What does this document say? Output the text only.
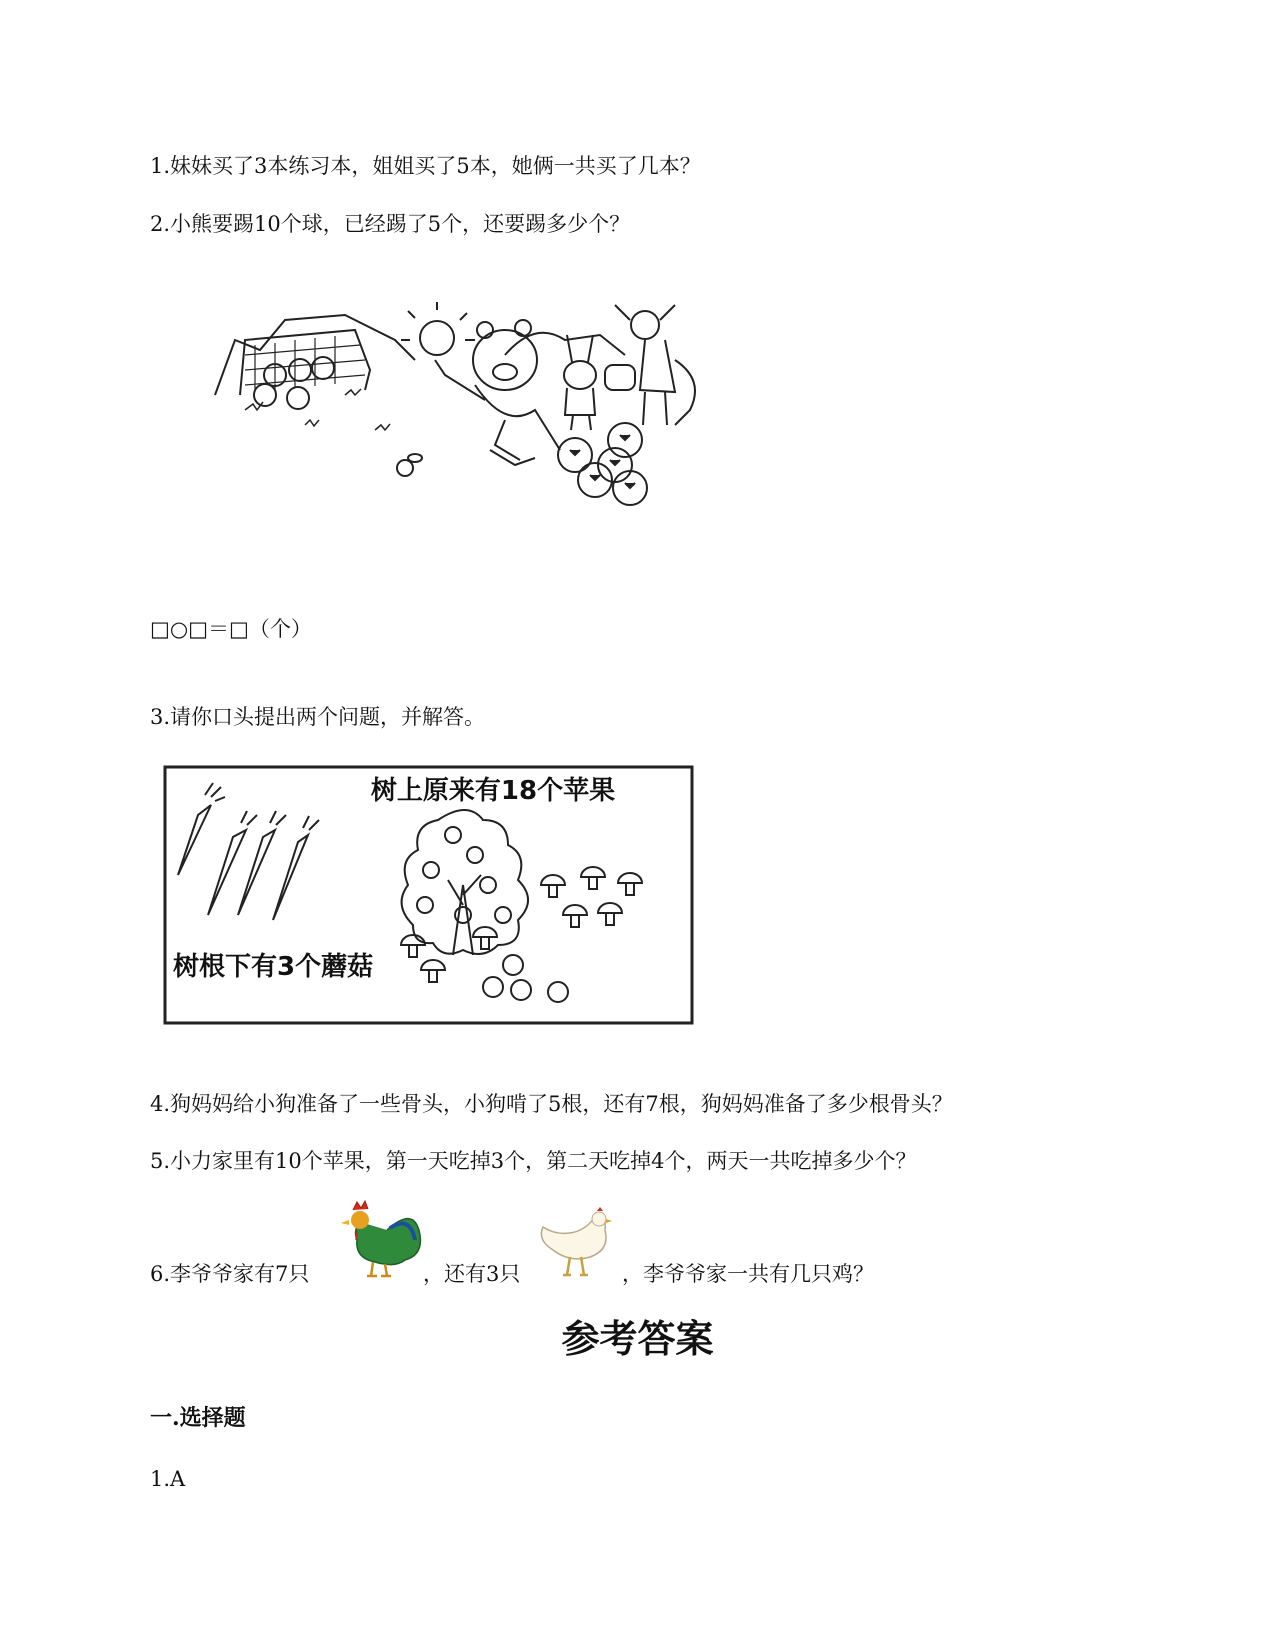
1.妹妹买了3本练习本，姐姐买了5本，她俩一共买了几本？
2.小熊要踢10个球，已经踢了5个，还要踢多少个？
□○□＝□（个）
3.请你口头提出两个问题，并解答。
树上原来有18个苹果
树根下有3个蘑菇
4.狗妈妈给小狗准备了一些骨头，小狗啃了5根，还有7根，狗妈妈准备了多少根骨头？
5.小力家里有10个苹果，第一天吃掉3个，第二天吃掉4个，两天一共吃掉多少个？
6.李爷爷家有7只	，还有3只	，李爷爷家一共有几只鸡？
参考答案
一.选择题
1.A
